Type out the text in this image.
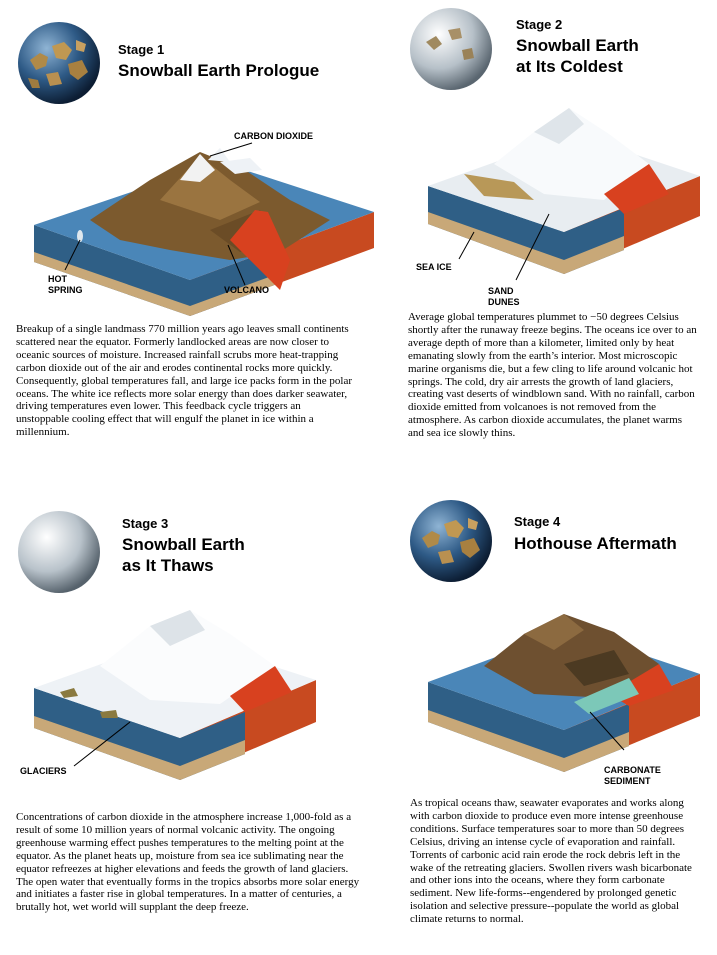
Stage 1
Snowball Earth Prologue
CARBON DIOXIDE
HOT
SPRING	VOLCANO

Breakup of a single landmass 770 million years ago leaves small continents scattered near the equator. Formerly landlocked areas are now closer to oceanic sources of moisture. Increased rainfall scrubs more heat-trapping carbon dioxide out of the air and erodes continental rocks more quickly. Consequently, global temperatures fall, and large ice packs form in the polar oceans. The white ice reflects more solar energy than does darker seawater, driving temperatures even lower. This feedback cycle triggers an unstoppable cooling effect that will engulf the planet in ice within a millennium.

Stage 2
Snowball Earth
at Its Coldest
SEA ICE
SAND
DUNES

Average global temperatures plummet to −50 degrees Celsius shortly after the runaway freeze begins. The oceans ice over to an average depth of more than a kilometer, limited only by heat emanating slowly from the earth’s interior. Most microscopic marine organisms die, but a few cling to life around volcanic hot springs. The cold, dry air arrests the growth of land glaciers, creating vast deserts of windblown sand. With no rainfall, carbon dioxide emitted from volcanoes is not removed from the atmosphere. As carbon dioxide accumulates, the planet warms and sea ice slowly thins.

Stage 3
Snowball Earth
as It Thaws
GLACIERS

Concentrations of carbon dioxide in the atmosphere increase 1,000-fold as a result of some 10 million years of normal volcanic activity. The ongoing greenhouse warming effect pushes temperatures to the melting point at the equator. As the planet heats up, moisture from sea ice sublimating near the equator refreezes at higher elevations and feeds the growth of land glaciers. The open water that eventually forms in the tropics absorbs more solar energy and initiates a faster rise in global temperatures. In a matter of centuries, a brutally hot, wet world will supplant the deep freeze.

Stage 4
Hothouse Aftermath
CARBONATE
SEDIMENT

As tropical oceans thaw, seawater evaporates and works along with carbon dioxide to produce even more intense greenhouse conditions. Surface temperatures soar to more than 50 degrees Celsius, driving an intense cycle of evaporation and rainfall. Torrents of carbonic acid rain erode the rock debris left in the wake of the retreating glaciers. Swollen rivers wash bicarbonate and other ions into the oceans, where they form carbonate sediment. New life-forms--engendered by prolonged genetic isolation and selective pressure--populate the world as global climate returns to normal.
